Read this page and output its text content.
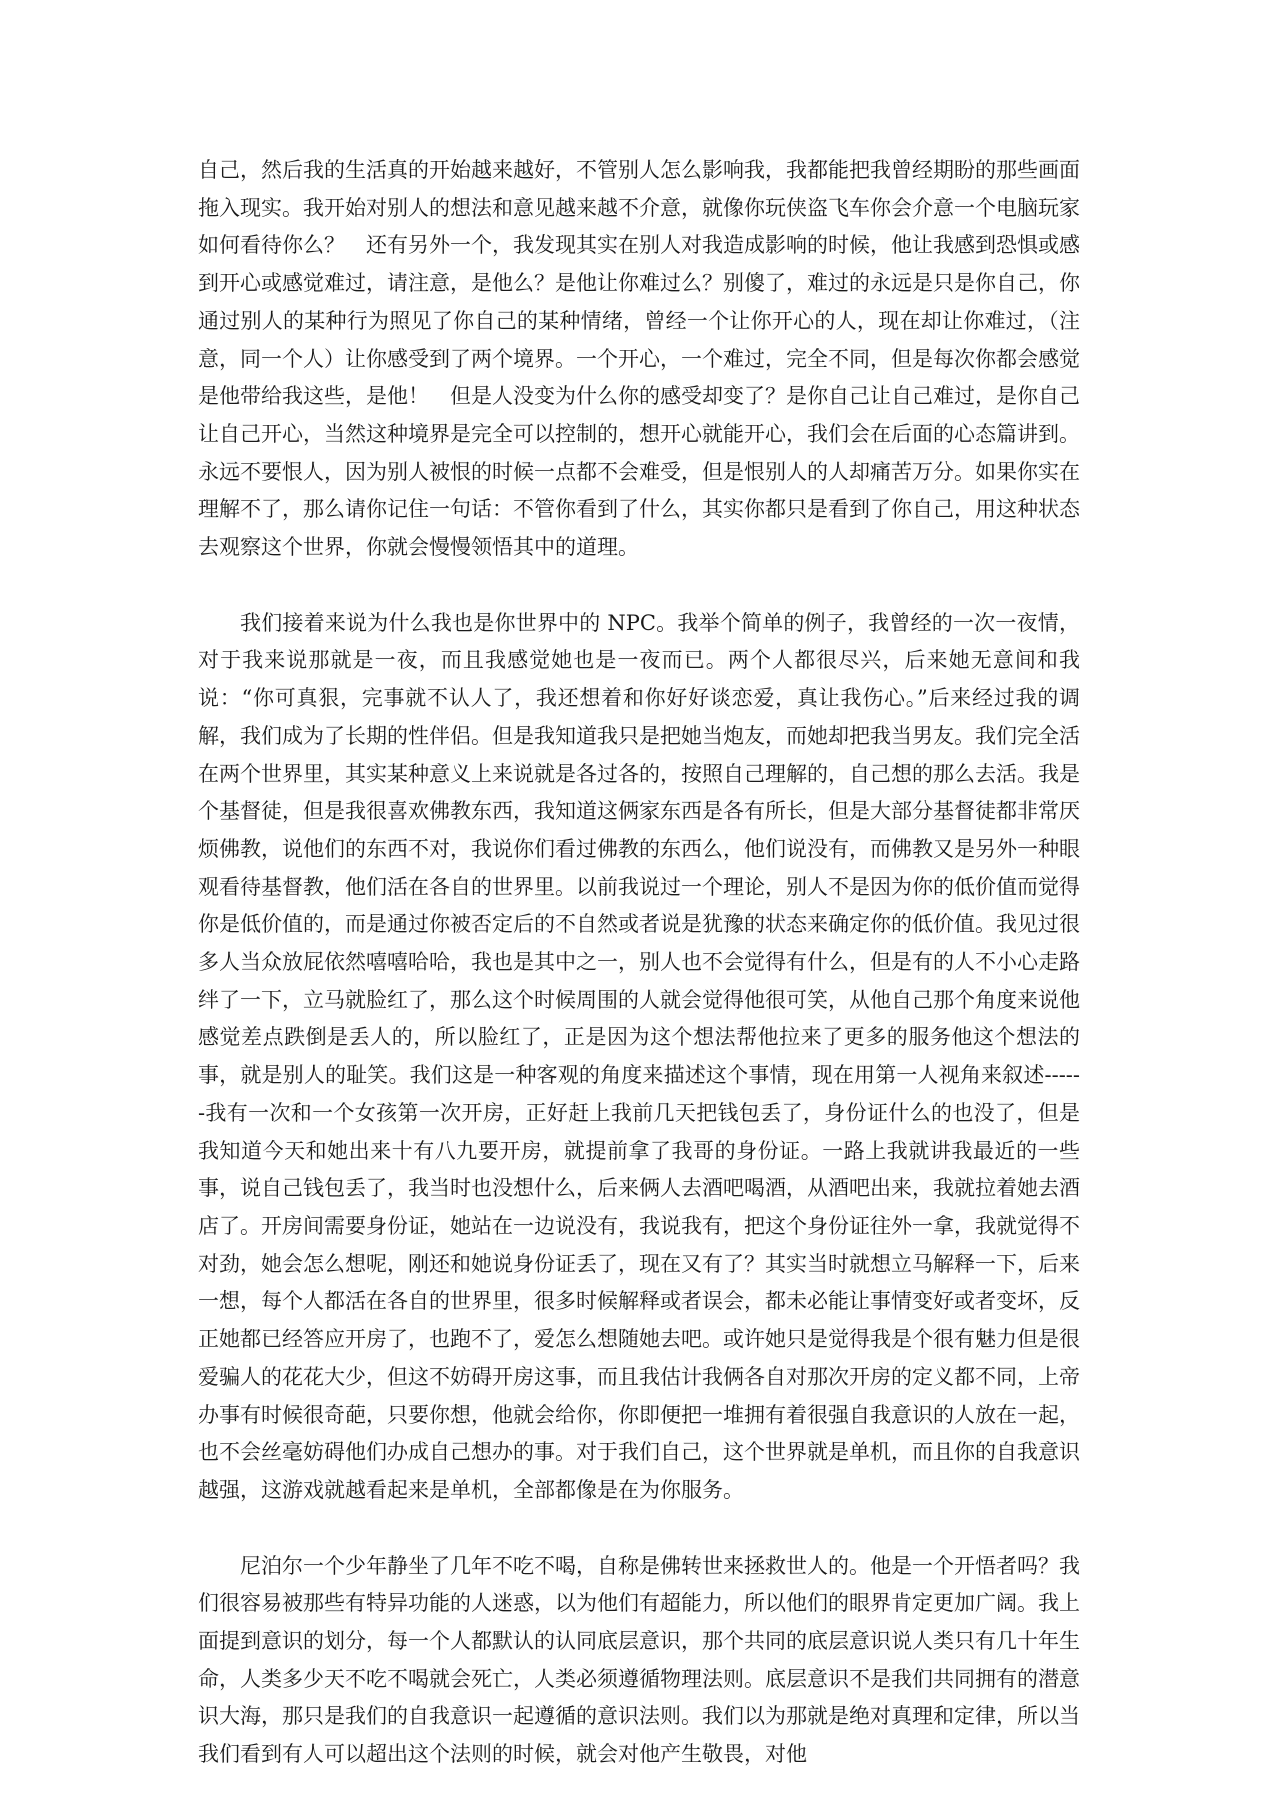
自己，然后我的生活真的开始越来越好，不管别人怎么影响我，我都能把我曾经期盼的那些画面拖入现实。我开始对别人的想法和意见越来越不介意，就像你玩侠盗飞车你会介意一个电脑玩家如何看待你么？　还有另外一个，我发现其实在别人对我造成影响的时候，他让我感到恐惧或感到开心或感觉难过，请注意，是他么？是他让你难过么？别傻了，难过的永远是只是你自己，你通过别人的某种行为照见了你自己的某种情绪，曾经一个让你开心的人，现在却让你难过，（注意，同一个人）让你感受到了两个境界。一个开心，一个难过，完全不同，但是每次你都会感觉是他带给我这些，是他！　但是人没变为什么你的感受却变了？是你自己让自己难过，是你自己让自己开心，当然这种境界是完全可以控制的，想开心就能开心，我们会在后面的心态篇讲到。永远不要恨人，因为别人被恨的时候一点都不会难受，但是恨别人的人却痛苦万分。如果你实在理解不了，那么请你记住一句话：不管你看到了什么，其实你都只是看到了你自己，用这种状态去观察这个世界，你就会慢慢领悟其中的道理。

我们接着来说为什么我也是你世界中的 NPC。我举个简单的例子，我曾经的一次一夜情，对于我来说那就是一夜，而且我感觉她也是一夜而已。两个人都很尽兴，后来她无意间和我说：“你可真狠，完事就不认人了，我还想着和你好好谈恋爱，真让我伤心。”后来经过我的调解，我们成为了长期的性伴侣。但是我知道我只是把她当炮友，而她却把我当男友。我们完全活在两个世界里，其实某种意义上来说就是各过各的，按照自己理解的，自己想的那么去活。我是个基督徒，但是我很喜欢佛教东西，我知道这俩家东西是各有所长，但是大部分基督徒都非常厌烦佛教，说他们的东西不对，我说你们看过佛教的东西么，他们说没有，而佛教又是另外一种眼观看待基督教，他们活在各自的世界里。以前我说过一个理论，别人不是因为你的低价值而觉得你是低价值的，而是通过你被否定后的不自然或者说是犹豫的状态来确定你的低价值。我见过很多人当众放屁依然嘻嘻哈哈，我也是其中之一，别人也不会觉得有什么，但是有的人不小心走路绊了一下，立马就脸红了，那么这个时候周围的人就会觉得他很可笑，从他自己那个角度来说他感觉差点跌倒是丢人的，所以脸红了，正是因为这个想法帮他拉来了更多的服务他这个想法的事，就是别人的耻笑。我们这是一种客观的角度来描述这个事情，现在用第一人视角来叙述------我有一次和一个女孩第一次开房，正好赶上我前几天把钱包丢了，身份证什么的也没了，但是我知道今天和她出来十有八九要开房，就提前拿了我哥的身份证。一路上我就讲我最近的一些事，说自己钱包丢了，我当时也没想什么，后来俩人去酒吧喝酒，从酒吧出来，我就拉着她去酒店了。开房间需要身份证，她站在一边说没有，我说我有，把这个身份证往外一拿，我就觉得不对劲，她会怎么想呢，刚还和她说身份证丢了，现在又有了？其实当时就想立马解释一下，后来一想，每个人都活在各自的世界里，很多时候解释或者误会，都未必能让事情变好或者变坏，反正她都已经答应开房了，也跑不了，爱怎么想随她去吧。或许她只是觉得我是个很有魅力但是很爱骗人的花花大少，但这不妨碍开房这事，而且我估计我俩各自对那次开房的定义都不同，上帝办事有时候很奇葩，只要你想，他就会给你，你即便把一堆拥有着很强自我意识的人放在一起，也不会丝毫妨碍他们办成自己想办的事。对于我们自己，这个世界就是单机，而且你的自我意识越强，这游戏就越看起来是单机，全部都像是在为你服务。

尼泊尔一个少年静坐了几年不吃不喝，自称是佛转世来拯救世人的。他是一个开悟者吗？我们很容易被那些有特异功能的人迷惑，以为他们有超能力，所以他们的眼界肯定更加广阔。我上面提到意识的划分，每一个人都默认的认同底层意识，那个共同的底层意识说人类只有几十年生命，人类多少天不吃不喝就会死亡，人类必须遵循物理法则。底层意识不是我们共同拥有的潜意识大海，那只是我们的自我意识一起遵循的意识法则。我们以为那就是绝对真理和定律，所以当我们看到有人可以超出这个法则的时候，就会对他产生敬畏，对他
